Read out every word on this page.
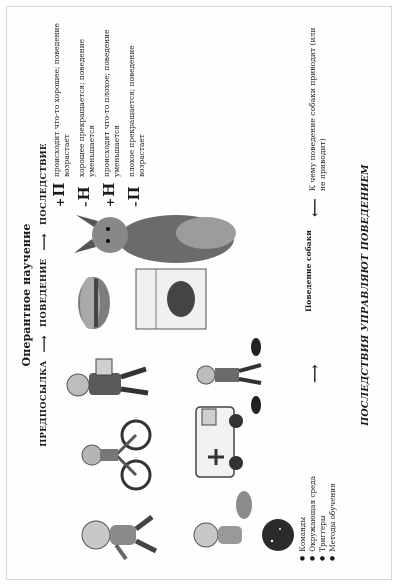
Оперантное научение
ПРЕДПОСЫЛКА
⟶
ПОВЕДЕНИЕ
⟶
ПОСЛЕДСТВИЕ +
П
происходит что-то хорошее; поведение возрастает
–
Н
хорошее прекращается; поведение уменьшается
+
Н
происходит что-то плохое; поведение уменьшается
–
П
плохое прекращается; поведение возрастает
●
Команды
●
Окружающая среда
●
Триггеры
●
Методы обучения
⟶
Поведение собаки
⟵
К чему поведение собаки приводит (или не приводит)	ПОСЛЕДСТВИЯ УПРАВЛЯЮТ ПОВЕДЕНИЕМ
